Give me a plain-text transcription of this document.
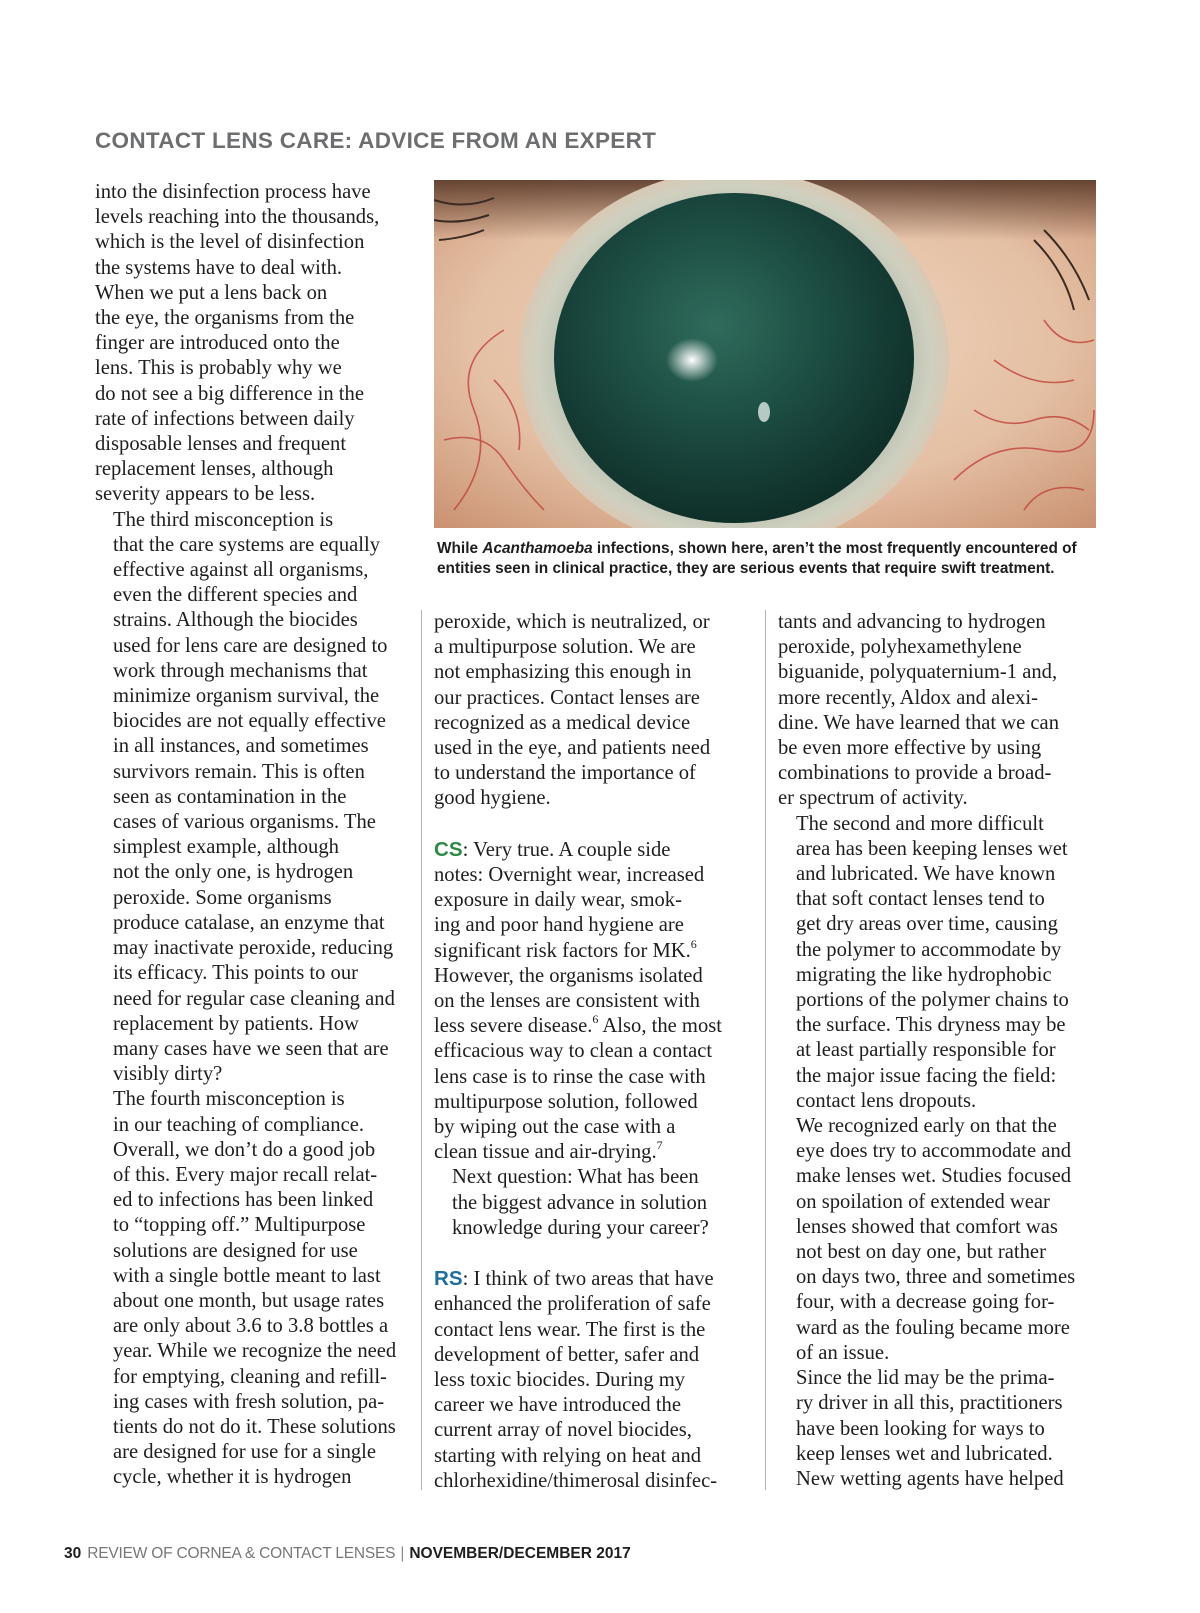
CONTACT LENS CARE: ADVICE FROM AN EXPERT

into the disinfection process have
levels reaching into the thousands,
which is the level of disinfection
the systems have to deal with.
When we put a lens back on
the eye, the organisms from the
finger are introduced onto the
lens. This is probably why we
do not see a big difference in the
rate of infections between daily
disposable lenses and frequent
replacement lenses, although
severity appears to be less.

The third misconception is
that the care systems are equally
effective against all organisms,
even the different species and
strains. Although the biocides
used for lens care are designed to
work through mechanisms that
minimize organism survival, the
biocides are not equally effective
in all instances, and sometimes
survivors remain. This is often
seen as contamination in the
cases of various organisms. The
simplest example, although
not the only one, is hydrogen
peroxide. Some organisms
produce catalase, an enzyme that
may inactivate peroxide, reducing
its efficacy. This points to our
need for regular case cleaning and
replacement by patients. How
many cases have we seen that are
visibly dirty?

The fourth misconception is
in our teaching of compliance.
Overall, we don’t do a good job
of this. Every major recall relat-
ed to infections has been linked
to “topping off.” Multipurpose
solutions are designed for use
with a single bottle meant to last
about one month, but usage rates
are only about 3.6 to 3.8 bottles a
year. While we recognize the need
for emptying, cleaning and refill-
ing cases with fresh solution, pa-
tients do not do it. These solutions
are designed for use for a single
cycle, whether it is hydrogen

While Acanthamoeba infections, shown here, aren’t the most frequently encountered of entities seen in clinical practice, they are serious events that require swift treatment.

peroxide, which is neutralized, or
a multipurpose solution. We are
not emphasizing this enough in
our practices. Contact lenses are
recognized as a medical device
used in the eye, and patients need
to understand the importance of
good hygiene.

CS: Very true. A couple side
notes: Overnight wear, increased
exposure in daily wear, smok-
ing and poor hand hygiene are
significant risk factors for MK.$^6$
However, the organisms isolated
on the lenses are consistent with
less severe disease.$^6$ Also, the most
efficacious way to clean a contact
lens case is to rinse the case with
multipurpose solution, followed
by wiping out the case with a
clean tissue and air-drying.$^7$

Next question: What has been
the biggest advance in solution
knowledge during your career?

RS: I think of two areas that have
enhanced the proliferation of safe
contact lens wear. The first is the
development of better, safer and
less toxic biocides. During my
career we have introduced the
current array of novel biocides,
starting with relying on heat and
chlorhexidine/thimerosal disinfec-

tants and advancing to hydrogen
peroxide, polyhexamethylene
biguanide, polyquaternium-1 and,
more recently, Aldox and alexi-
dine. We have learned that we can
be even more effective by using
combinations to provide a broad-
er spectrum of activity.

The second and more difficult
area has been keeping lenses wet
and lubricated. We have known
that soft contact lenses tend to
get dry areas over time, causing
the polymer to accommodate by
migrating the like hydrophobic
portions of the polymer chains to
the surface. This dryness may be
at least partially responsible for
the major issue facing the field:
contact lens dropouts.

We recognized early on that the
eye does try to accommodate and
make lenses wet. Studies focused
on spoilation of extended wear
lenses showed that comfort was
not best on day one, but rather
on days two, three and sometimes
four, with a decrease going for-
ward as the fouling became more
of an issue.

Since the lid may be the prima-
ry driver in all this, practitioners
have been looking for ways to
keep lenses wet and lubricated.
New wetting agents have helped

30 REVIEW OF CORNEA & CONTACT LENSES | NOVEMBER/DECEMBER 2017
